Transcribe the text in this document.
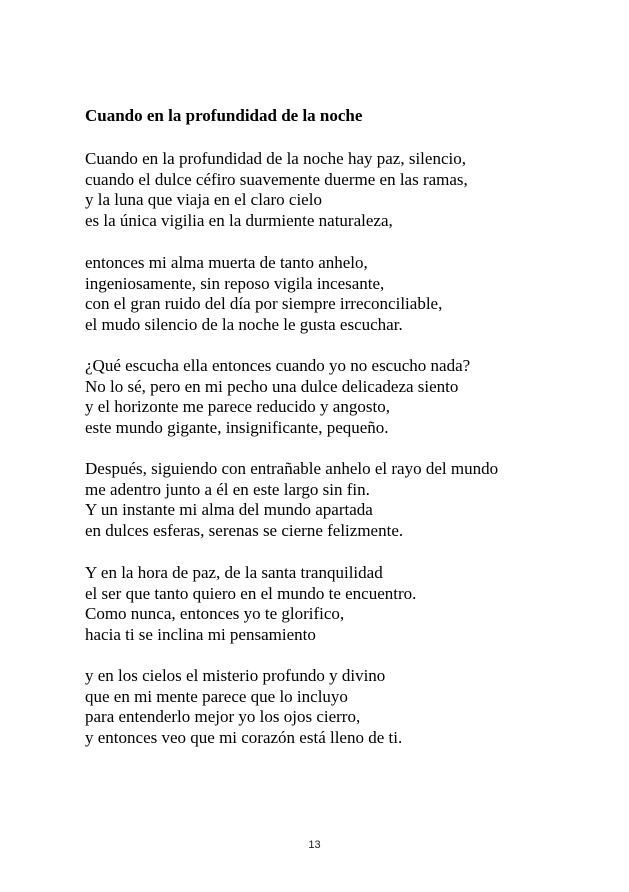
Cuando en la profundidad de la noche
Cuando en la profundidad de la noche hay paz, silencio,
cuando el dulce céfiro suavemente duerme en las ramas,
y la luna que viaja en el claro cielo
es la única vigilia en la durmiente naturaleza,
entonces mi alma muerta de tanto anhelo,
ingeniosamente, sin reposo vigila incesante,
con el gran ruido del día por siempre irreconciliable,
el mudo silencio de la noche le gusta escuchar.
¿Qué escucha ella entonces cuando yo no escucho nada?
No lo sé, pero en mi pecho una dulce delicadeza siento
y el horizonte me parece reducido y angosto,
este mundo gigante, insignificante, pequeño.
Después, siguiendo con entrañable anhelo el rayo del mundo
me adentro junto a él en este largo sin fin.
Y un instante mi alma del mundo apartada
en dulces esferas, serenas se cierne felizmente.
Y en la hora de paz, de la santa tranquilidad
el ser que tanto quiero en el mundo te encuentro.
Como nunca, entonces yo te glorifico,
hacia ti se inclina mi pensamiento
y en los cielos el misterio profundo y divino
que en mi mente parece que lo incluyo
para entenderlo mejor yo los ojos cierro,
y entonces veo que mi corazón está lleno de ti.
13
